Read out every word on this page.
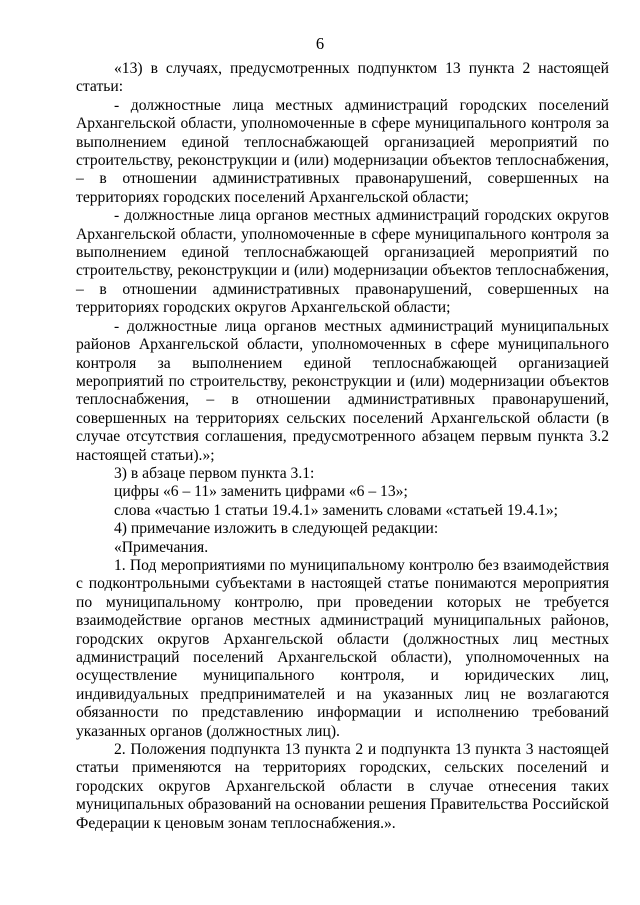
6

«13) в случаях, предусмотренных подпунктом 13 пункта 2 настоящей статьи:

- должностные лица местных администраций городских поселений Архангельской области, уполномоченные в сфере муниципального контроля за выполнением единой теплоснабжающей организацией мероприятий по строительству, реконструкции и (или) модернизации объектов теплоснабжения, – в отношении административных правонарушений, совершенных на территориях городских поселений Архангельской области;

- должностные лица органов местных администраций городских округов Архангельской области, уполномоченные в сфере муниципального контроля за выполнением единой теплоснабжающей организацией мероприятий по строительству, реконструкции и (или) модернизации объектов теплоснабжения, – в отношении административных правонарушений, совершенных на территориях городских округов Архангельской области;

- должностные лица органов местных администраций муниципальных районов Архангельской области, уполномоченных в сфере муниципального контроля за выполнением единой теплоснабжающей организацией мероприятий по строительству, реконструкции и (или) модернизации объектов теплоснабжения, – в отношении административных правонарушений, совершенных на территориях сельских поселений Архангельской области (в случае отсутствия соглашения, предусмотренного абзацем первым пункта 3.2 настоящей статьи).»;

3) в абзаце первом пункта 3.1:

цифры «6 – 11» заменить цифрами «6 – 13»;

слова «частью 1 статьи 19.4.1» заменить словами «статьей 19.4.1»;

4) примечание изложить в следующей редакции:

«Примечания.

1. Под мероприятиями по муниципальному контролю без взаимодействия с подконтрольными субъектами в настоящей статье понимаются мероприятия по муниципальному контролю, при проведении которых не требуется взаимодействие органов местных администраций муниципальных районов, городских округов Архангельской области (должностных лиц местных администраций поселений Архангельской области), уполномоченных на осуществление муниципального контроля, и юридических лиц, индивидуальных предпринимателей и на указанных лиц не возлагаются обязанности по представлению информации и исполнению требований указанных органов (должностных лиц).

2. Положения подпункта 13 пункта 2 и подпункта 13 пункта 3 настоящей статьи применяются на территориях городских, сельских поселений и городских округов Архангельской области в случае отнесения таких муниципальных образований на основании решения Правительства Российской Федерации к ценовым зонам теплоснабжения.».
